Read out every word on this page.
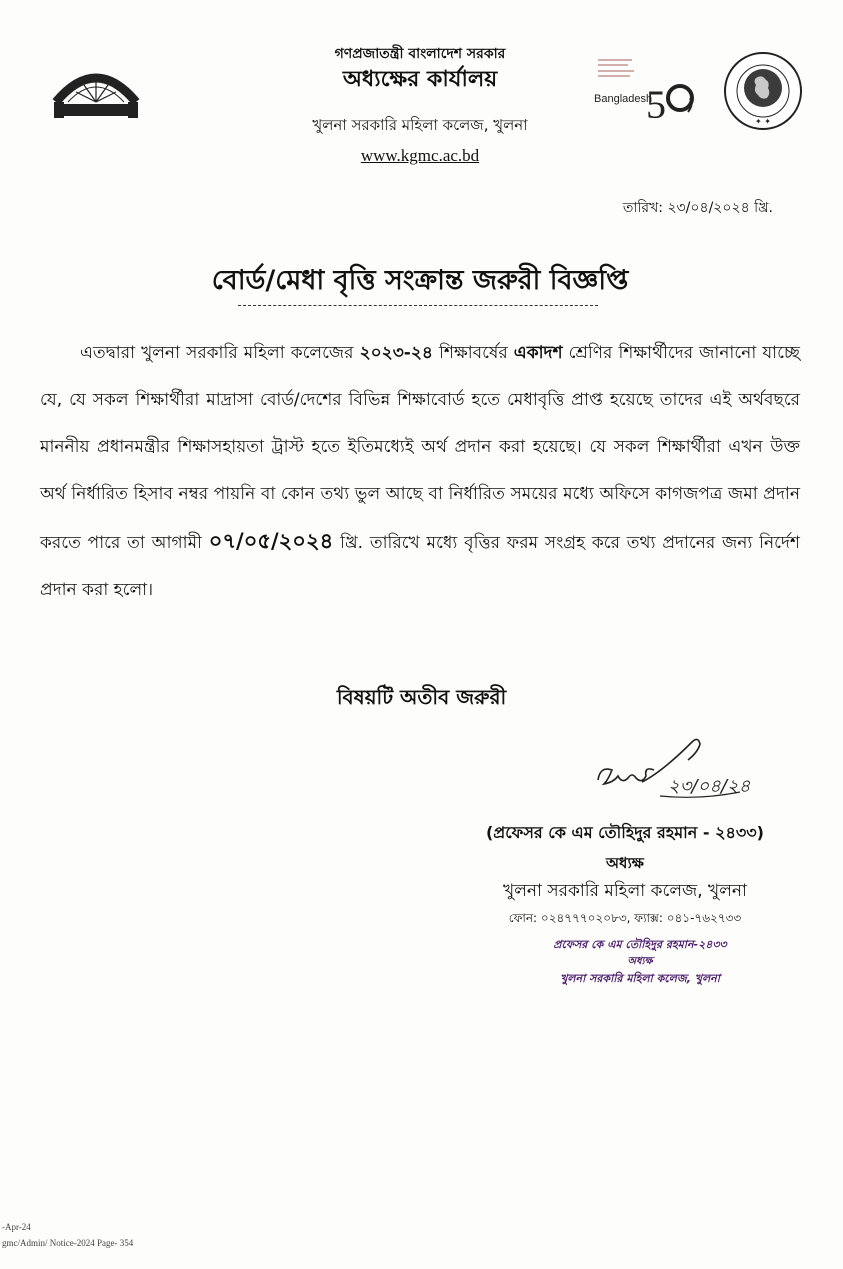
গণপ্রজাতন্ত্রী বাংলাদেশ সরকার
অধ্যক্ষের কার্যালয়
খুলনা সরকারি মহিলা কলেজ, খুলনা
www.kgmc.ac.bd
Bangladesh
5	✦ ✦
তারিখ: ২৩/০৪/২০২৪ খ্রি.
বোর্ড/মেধা বৃত্তি সংক্রান্ত জরুরী বিজ্ঞপ্তি

এতদ্বারা খুলনা সরকারি মহিলা কলেজের ২০২৩-২৪ শিক্ষাবর্ষের একাদশ শ্রেণির শিক্ষার্থীদের জানানো যাচ্ছে যে, যে সকল শিক্ষার্থীরা মাদ্রাসা বোর্ড/দেশের বিভিন্ন শিক্ষাবোর্ড হতে মেধাবৃত্তি প্রাপ্ত হয়েছে তাদের এই অর্থবছরে মাননীয় প্রধানমন্ত্রীর শিক্ষাসহায়তা ট্রাস্ট হতে ইতিমধ্যেই অর্থ প্রদান করা হয়েছে। যে সকল শিক্ষার্থীরা এখন উক্ত অর্থ নির্ধারিত হিসাব নম্বর পায়নি বা কোন তথ্য ভুল আছে বা নির্ধারিত সময়ের মধ্যে অফিসে কাগজপত্র জমা প্রদান করতে পারে তা আগামী ০৭/০৫/২০২৪ খ্রি. তারিখে মধ্যে বৃত্তির ফরম সংগ্রহ করে তথ্য প্রদানের জন্য নির্দেশ প্রদান করা হলো।

বিষয়টি অতীব জরুরী
২৩/০৪/২৪
(প্রফেসর কে এম তৌহিদুর রহমান - ২৪৩৩)
অধ্যক্ষ
খুলনা সরকারি মহিলা কলেজ, খুলনা
ফোন: ০২৪৭৭৭০২০৮৩, ফ্যাক্স: ০৪১-৭৬২৭৩৩
প্রফেসর কে এম তৌহিদুর রহমান-২৪৩৩
অধ্যক্ষ
খুলনা সরকারি মহিলা কলেজ, খুলনা
-Apr-24
gmc/Admin/ Notice-2024 Page- 354
